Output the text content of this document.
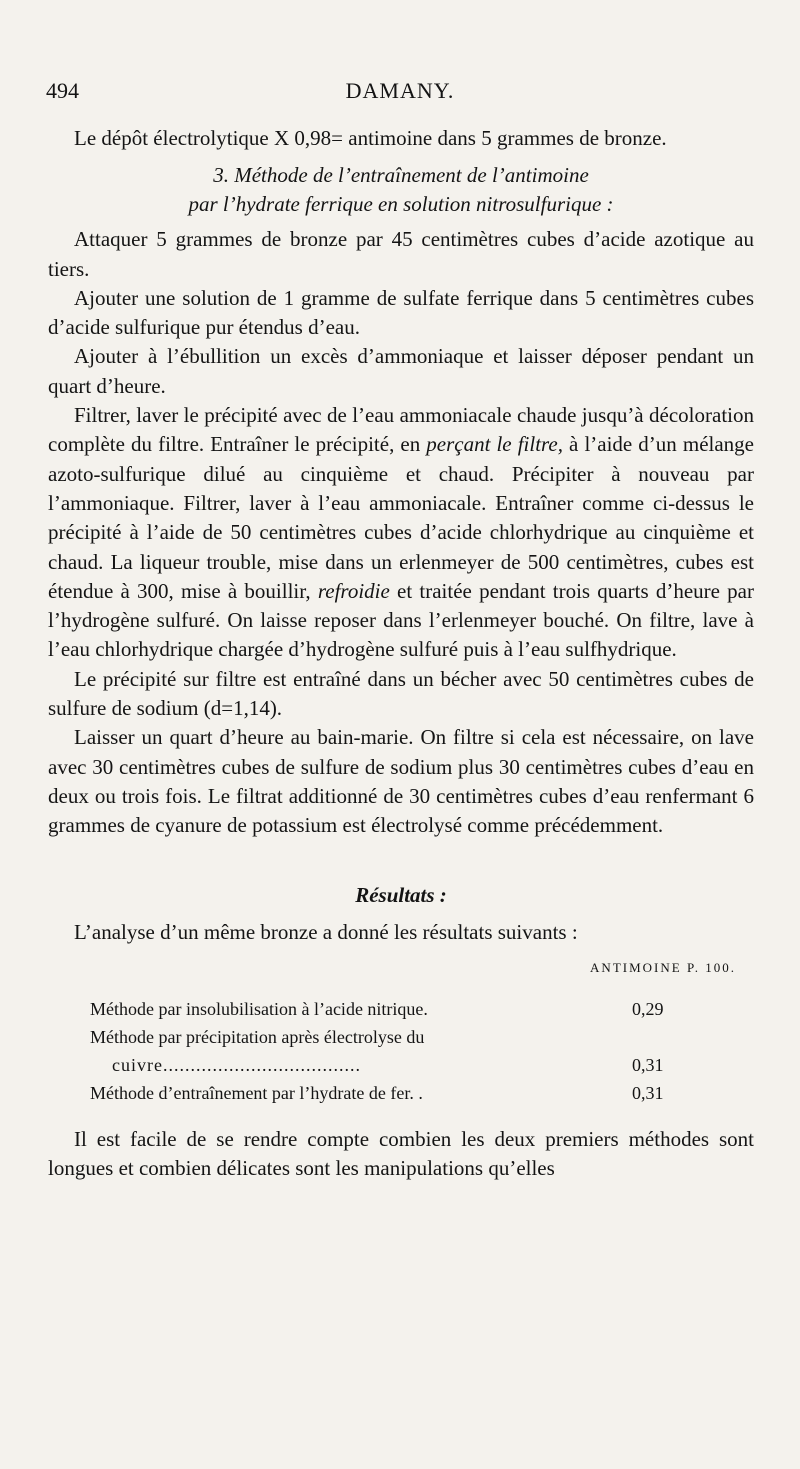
494	DAMANY.

Le dépôt électrolytique X 0,98= antimoine dans 5 grammes de bronze.

3. Méthode de l’entraînement de l’antimoine
par l’hydrate ferrique en solution nitrosulfurique :

Attaquer 5 grammes de bronze par 45 centimètres cubes d’acide azotique au tiers.

Ajouter une solution de 1 gramme de sulfate ferrique dans 5 centimètres cubes d’acide sulfurique pur étendus d’eau.

Ajouter à l’ébullition un excès d’ammoniaque et laisser déposer pendant un quart d’heure.

Filtrer, laver le précipité avec de l’eau ammoniacale chaude jusqu’à décoloration complète du filtre. Entraîner le précipité, en perçant le filtre, à l’aide d’un mélange azoto-sulfurique dilué au cinquième et chaud. Précipiter à nouveau par l’ammoniaque. Filtrer, laver à l’eau ammoniacale. Entraîner comme ci-dessus le précipité à l’aide de 50 centimètres cubes d’acide chlorhydrique au cinquième et chaud. La liqueur trouble, mise dans un erlenmeyer de 500 centimètres, cubes est étendue à 300, mise à bouillir, refroidie et traitée pendant trois quarts d’heure par l’hydrogène sulfuré. On laisse reposer dans l’erlenmeyer bouché. On filtre, lave à l’eau chlorhydrique chargée d’hydrogène sulfuré puis à l’eau sulfhydrique.

Le précipité sur filtre est entraîné dans un bécher avec 50 centimètres cubes de sulfure de sodium (d=1,14).

Laisser un quart d’heure au bain-marie. On filtre si cela est nécessaire, on lave avec 30 centimètres cubes de sulfure de sodium plus 30 centimètres cubes d’eau en deux ou trois fois. Le filtrat additionné de 30 centimètres cubes d’eau renfermant 6 grammes de cyanure de potassium est électrolysé comme précédemment.

Résultats :

L’analyse d’un même bronze a donné les résultats suivants :

ANTIMOINE P. 100.
Méthode par insolubilisation à l’acide nitrique.	0,29
Méthode par précipitation après électrolyse du
cuivre....................................	0,31
Méthode d’entraînement par l’hydrate de fer. .	0,31

Il est facile de se rendre compte combien les deux premiers méthodes sont longues et combien délicates sont les manipulations qu’elles
